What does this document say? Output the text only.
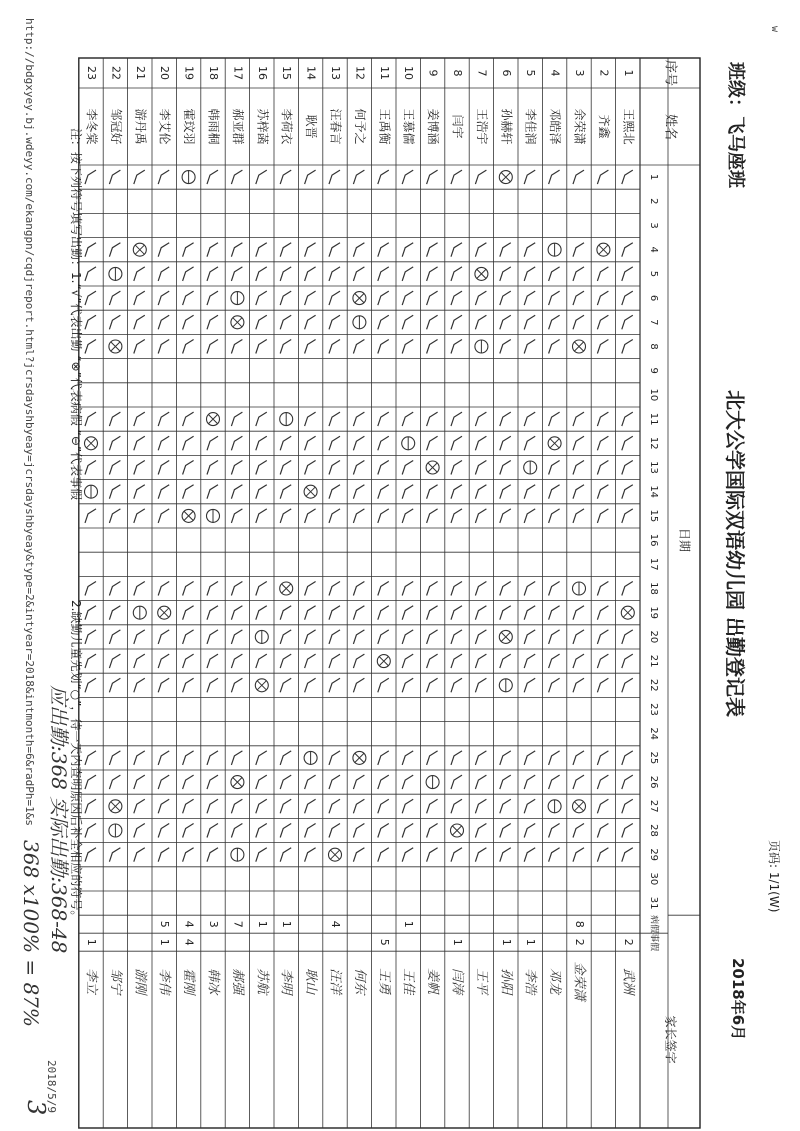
w
页码: 1/1(W)
http://bdgxyey.bj.wdeyy.com/ekangpn/cqdjreport.html?jcrsdayshbyeay=jcrsdayshbyeay&type=2&intyear=2018&intmonth=6&radPh=1&s	班级：飞马座班
北大公学国际双语幼儿园 出勤登记表
2018年6月
序号
姓名
日期
病假
事假
家长签字
1
2
3
4
5
6
7
8
9
10
11
12
13
14
15
16
17
18
19
20
21
22
23
24
25
26
27
28
29
30
31
1
王熙北
2
武洲
2
齐鑫
3
余荣潇
8
2
金荣潇
4
邓皓泽
邓龙
5
李佳润
1
李浩
6
孙赫轩
1
孙阳
7
王浩宇
王平
8
闫宇
1
闫涛
9
姜博涵
姜帆
10
王慕儒
1
王佳
11
王禹衡
5
王勇
12
何予之
何东
13
汪春言
4
汪洋
14
耿晋
耿山
15
李荷衣
1
李明
16
苏梓菡
1
苏航
17
郝亚群
7
郝强
18
韩雨桐
3
韩冰
19
霍玟羽
4
4
霍刚
20
李艾伦
5
1
李伟
21
游丹禹
游刚
22
邹冠好
邹宁
23
李冬棠
1
李立
注：按下列符号填写出勤：1.“√”代表出勤 “⊗”代表病假 “⊖”代表事假
2.缺勤儿童先划“○”，待一天内查明原因后补全相应的符号。
应出勤:368 实际出勤:368-48
368 x100% = 87%
3
2018/5/9
